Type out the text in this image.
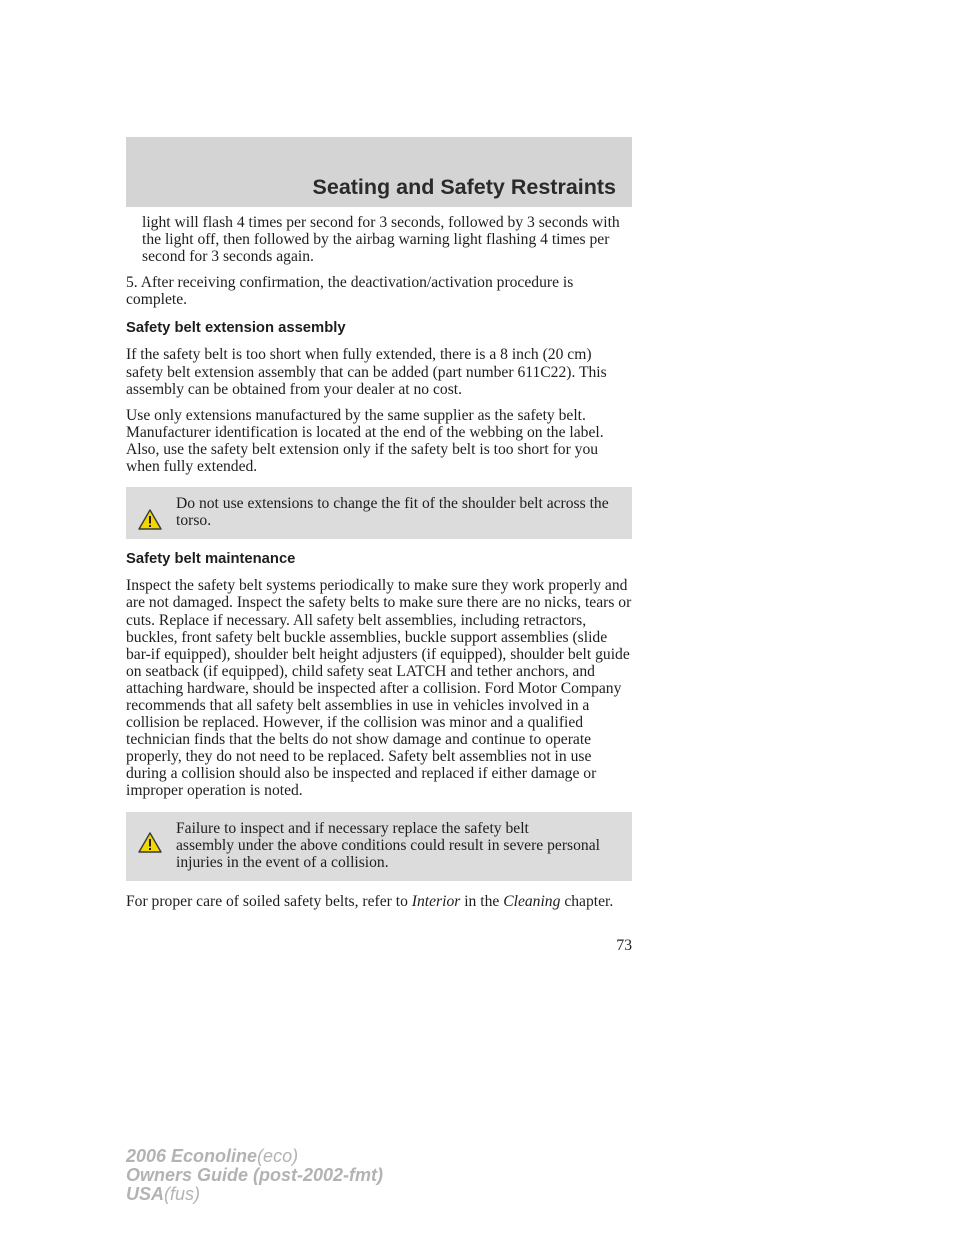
Seating and Safety Restraints

light will flash 4 times per second for 3 seconds, followed by 3 seconds with the light off, then followed by the airbag warning light flashing 4 times per second for 3 seconds again.

5. After receiving confirmation, the deactivation/activation procedure is complete.

Safety belt extension assembly

If the safety belt is too short when fully extended, there is a 8 inch (20 cm) safety belt extension assembly that can be added (part number 611C22). This assembly can be obtained from your dealer at no cost.

Use only extensions manufactured by the same supplier as the safety belt. Manufacturer identification is located at the end of the webbing on the label. Also, use the safety belt extension only if the safety belt is too short for you when fully extended.

Do not use extensions to change the fit of the shoulder belt across the torso.

Safety belt maintenance

Inspect the safety belt systems periodically to make sure they work properly and are not damaged. Inspect the safety belts to make sure there are no nicks, tears or cuts. Replace if necessary. All safety belt assemblies, including retractors, buckles, front safety belt buckle assemblies, buckle support assemblies (slide bar-if equipped), shoulder belt height adjusters (if equipped), shoulder belt guide on seatback (if equipped), child safety seat LATCH and tether anchors, and attaching hardware, should be inspected after a collision. Ford Motor Company recommends that all safety belt assemblies in use in vehicles involved in a collision be replaced. However, if the collision was minor and a qualified technician finds that the belts do not show damage and continue to operate properly, they do not need to be replaced. Safety belt assemblies not in use during a collision should also be inspected and replaced if either damage or improper operation is noted.

Failure to inspect and if necessary replace the safety belt

assembly under the above conditions could result in severe personal injuries in the event of a collision.

For proper care of soiled safety belts, refer to Interior in the Cleaning chapter.

73
2006 Econoline(eco)
Owners Guide (post-2002-fmt)
USA(fus)
